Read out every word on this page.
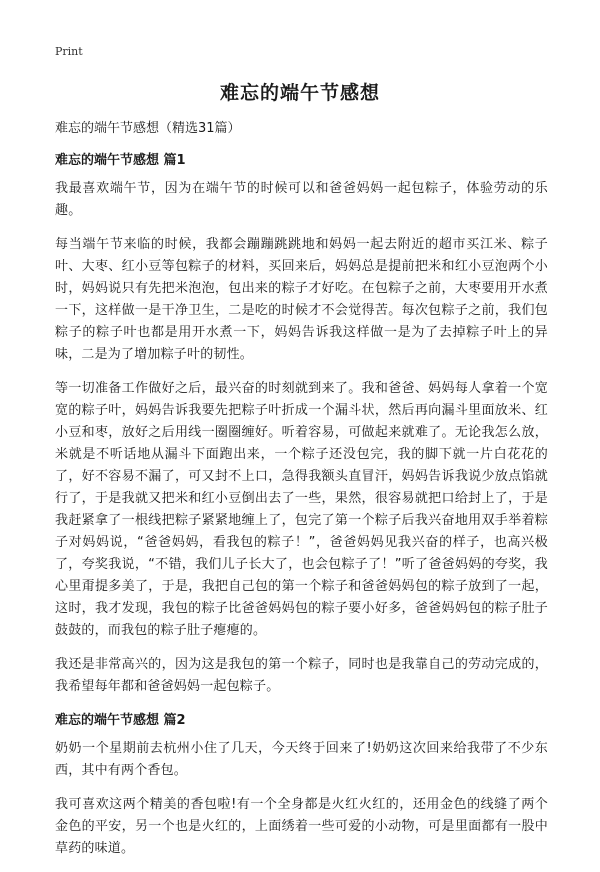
Print
难忘的端午节感想

难忘的端午节感想（精选31篇）

难忘的端午节感想 篇1

我最喜欢端午节，因为在端午节的时候可以和爸爸妈妈一起包粽子，体验劳动的乐趣。

每当端午节来临的时候，我都会蹦蹦跳跳地和妈妈一起去附近的超市买江米、粽子叶、大枣、红小豆等包粽子的材料，买回来后，妈妈总是提前把米和红小豆泡两个小时，妈妈说只有先把米泡泡，包出来的粽子才好吃。在包粽子之前，大枣要用开水煮一下，这样做一是干净卫生，二是吃的时候才不会觉得苦。每次包粽子之前，我们包粽子的粽子叶也都是用开水煮一下，妈妈告诉我这样做一是为了去掉粽子叶上的异味，二是为了增加粽子叶的韧性。

等一切准备工作做好之后，最兴奋的时刻就到来了。我和爸爸、妈妈每人拿着一个宽宽的粽子叶，妈妈告诉我要先把粽子叶折成一个漏斗状，然后再向漏斗里面放米、红小豆和枣，放好之后用线一圈圈缠好。听着容易，可做起来就难了。无论我怎么放，米就是不听话地从漏斗下面跑出来，一个粽子还没包完，我的脚下就一片白花花的了，好不容易不漏了，可又封不上口，急得我额头直冒汗，妈妈告诉我说少放点馅就行了，于是我就又把米和红小豆倒出去了一些，果然，很容易就把口给封上了，于是我赶紧拿了一根线把粽子紧紧地缠上了，包完了第一个粽子后我兴奋地用双手举着粽子对妈妈说，“爸爸妈妈，看我包的粽子！”，爸爸妈妈见我兴奋的样子，也高兴极了，夸奖我说，“不错，我们儿子长大了，也会包粽子了！”听了爸爸妈妈的夸奖，我心里甭提多美了，于是，我把自己包的第一个粽子和爸爸妈妈包的粽子放到了一起，这时，我才发现，我包的粽子比爸爸妈妈包的粽子要小好多，爸爸妈妈包的粽子肚子鼓鼓的，而我包的粽子肚子瘪瘪的。

我还是非常高兴的，因为这是我包的第一个粽子，同时也是我靠自己的劳动完成的，我希望每年都和爸爸妈妈一起包粽子。

难忘的端午节感想 篇2

奶奶一个星期前去杭州小住了几天，今天终于回来了!奶奶这次回来给我带了不少东西，其中有两个香包。

我可喜欢这两个精美的香包啦!有一个全身都是火红火红的，还用金色的线缝了两个金色的平安，另一个也是火红的，上面绣着一些可爱的小动物，可是里面都有一股中草药的味道。
